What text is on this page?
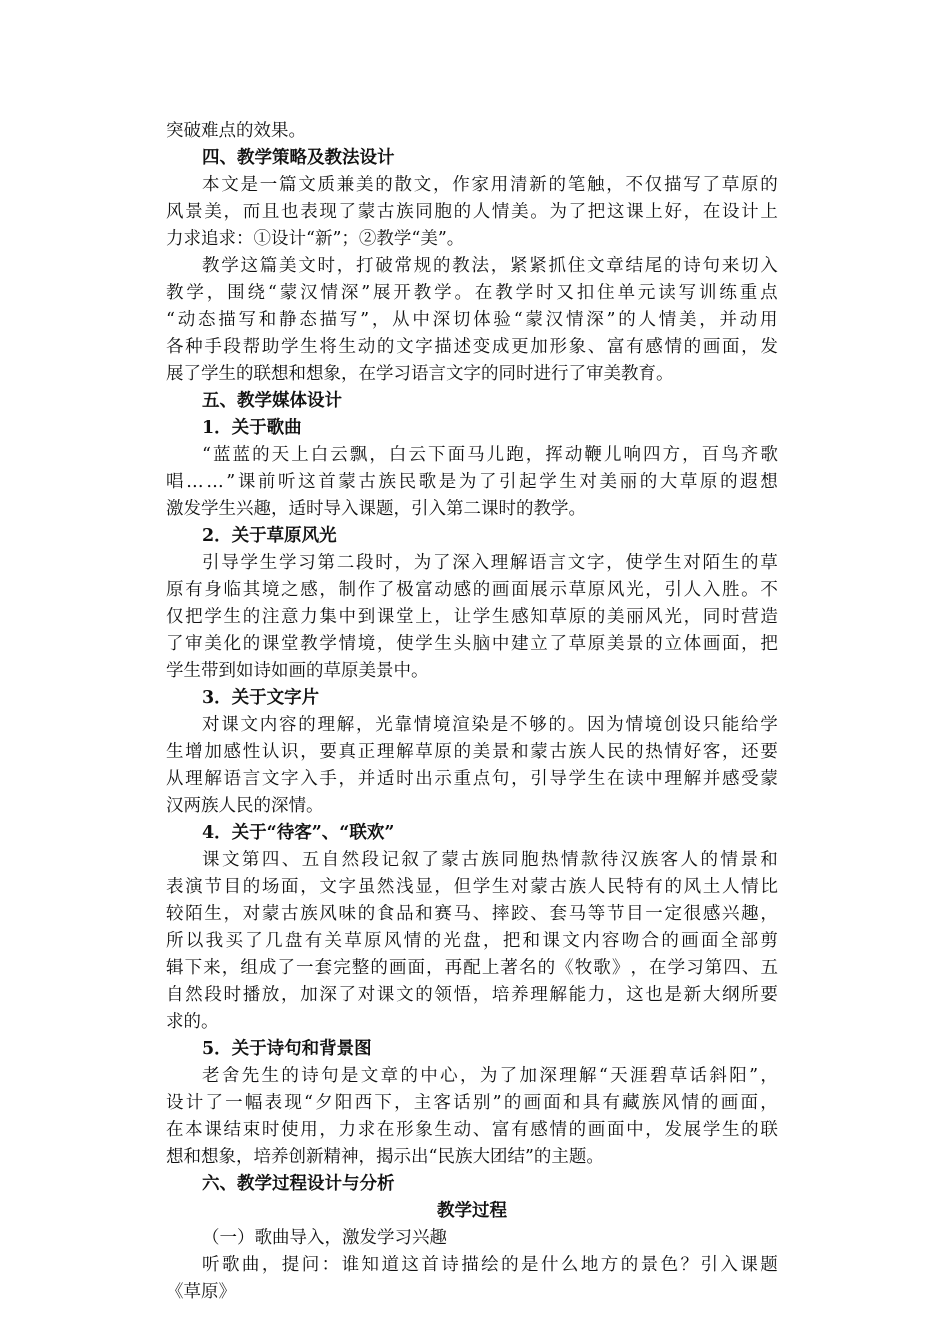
突破难点的效果。
四、教学策略及教法设计
本 文 是 一 篇 文 质 兼 美 的 散 文 ， 作 家 用 清 新 的 笔 触 ， 不 仅 描 写 了 草 原 的
风 景 美 ， 而 且 也 表 现 了 蒙 古 族 同 胞 的 人 情 美 。 为 了 把 这 课 上 好 ， 在 设 计 上
力求追求：①设计“新”；②教学“美”。
教 学 这 篇 美 文 时 ， 打 破 常 规 的 教 法 ， 紧 紧 抓 住 文 章 结 尾 的 诗 句 来 切 入
教 学 ， 围 绕 “ 蒙 汉 情 深 ” 展 开 教 学 。 在 教 学 时 又 扣 住 单 元 读 写 训 练 重 点
“ 动 态 描 写 和 静 态 描 写 ” ， 从 中 深 切 体 验 “ 蒙 汉 情 深 ” 的 人 情 美 ， 并 动 用
各 种 手 段 帮 助 学 生 将 生 动 的 文 字 描 述 变 成 更 加 形 象 、 富 有 感 情 的 画 面 ， 发
展了学生的联想和想象，在学习语言文字的同时进行了审美教育。
五、教学媒体设计
1．关于歌曲
“ 蓝 蓝 的 天 上 白 云 飘 ， 白 云 下 面 马 儿 跑 ， 挥 动 鞭 儿 响 四 方 ， 百 鸟 齐 歌
唱 … … ” 课 前 听 这 首 蒙 古 族 民 歌 是 为 了 引 起 学 生 对 美 丽 的 大 草 原 的 遐 想
激发学生兴趣，适时导入课题，引入第二课时的教学。
2．关于草原风光
引 导 学 生 学 习 第 二 段 时 ， 为 了 深 入 理 解 语 言 文 字 ， 使 学 生 对 陌 生 的 草
原 有 身 临 其 境 之 感 ， 制 作 了 极 富 动 感 的 画 面 展 示 草 原 风 光 ， 引 人 入 胜 。 不
仅 把 学 生 的 注 意 力 集 中 到 课 堂 上 ， 让 学 生 感 知 草 原 的 美 丽 风 光 ， 同 时 营 造
了 审 美 化 的 课 堂 教 学 情 境 ， 使 学 生 头 脑 中 建 立 了 草 原 美 景 的 立 体 画 面 ， 把
学生带到如诗如画的草原美景中。
3．关于文字片
对 课 文 内 容 的 理 解 ， 光 靠 情 境 渲 染 是 不 够 的 。 因 为 情 境 创 设 只 能 给 学
生 增 加 感 性 认 识 ， 要 真 正 理 解 草 原 的 美 景 和 蒙 古 族 人 民 的 热 情 好 客 ， 还 要
从 理 解 语 言 文 字 入 手 ， 并 适 时 出 示 重 点 句 ， 引 导 学 生 在 读 中 理 解 并 感 受 蒙
汉两族人民的深情。
4．关于“待客”、“联欢”
课 文 第 四 、 五 自 然 段 记 叙 了 蒙 古 族 同 胞 热 情 款 待 汉 族 客 人 的 情 景 和
表 演 节 目 的 场 面 ， 文 字 虽 然 浅 显 ， 但 学 生 对 蒙 古 族 人 民 特 有 的 风 土 人 情 比
较 陌 生 ， 对 蒙 古 族 风 味 的 食 品 和 赛 马 、 摔 跤 、 套 马 等 节 目 一 定 很 感 兴 趣 ，
所 以 我 买 了 几 盘 有 关 草 原 风 情 的 光 盘 ， 把 和 课 文 内 容 吻 合 的 画 面 全 部 剪
辑 下 来 ， 组 成 了 一 套 完 整 的 画 面 ， 再 配 上 著 名 的 《 牧 歌 》 ， 在 学 习 第 四 、 五
自 然 段 时 播 放 ， 加 深 了 对 课 文 的 领 悟 ， 培 养 理 解 能 力 ， 这 也 是 新 大 纲 所 要
求的。
5．关于诗句和背景图
老 舍 先 生 的 诗 句 是 文 章 的 中 心 ， 为 了 加 深 理 解 “ 天 涯 碧 草 话 斜 阳 ” ，
设 计 了 一 幅 表 现 “ 夕 阳 西 下 ， 主 客 话 别 ” 的 画 面 和 具 有 藏 族 风 情 的 画 面 ，
在 本 课 结 束 时 使 用 ， 力 求 在 形 象 生 动 、 富 有 感 情 的 画 面 中 ， 发 展 学 生 的 联
想和想象，培养创新精神，揭示出“民族大团结”的主题。
六、教学过程设计与分析
教学过程
（一）歌曲导入，激发学习兴趣
听 歌 曲 ， 提 问 ： 谁 知 道 这 首 诗 描 绘 的 是 什 么 地 方 的 景 色 ？ 引 入 课 题
《草原》
